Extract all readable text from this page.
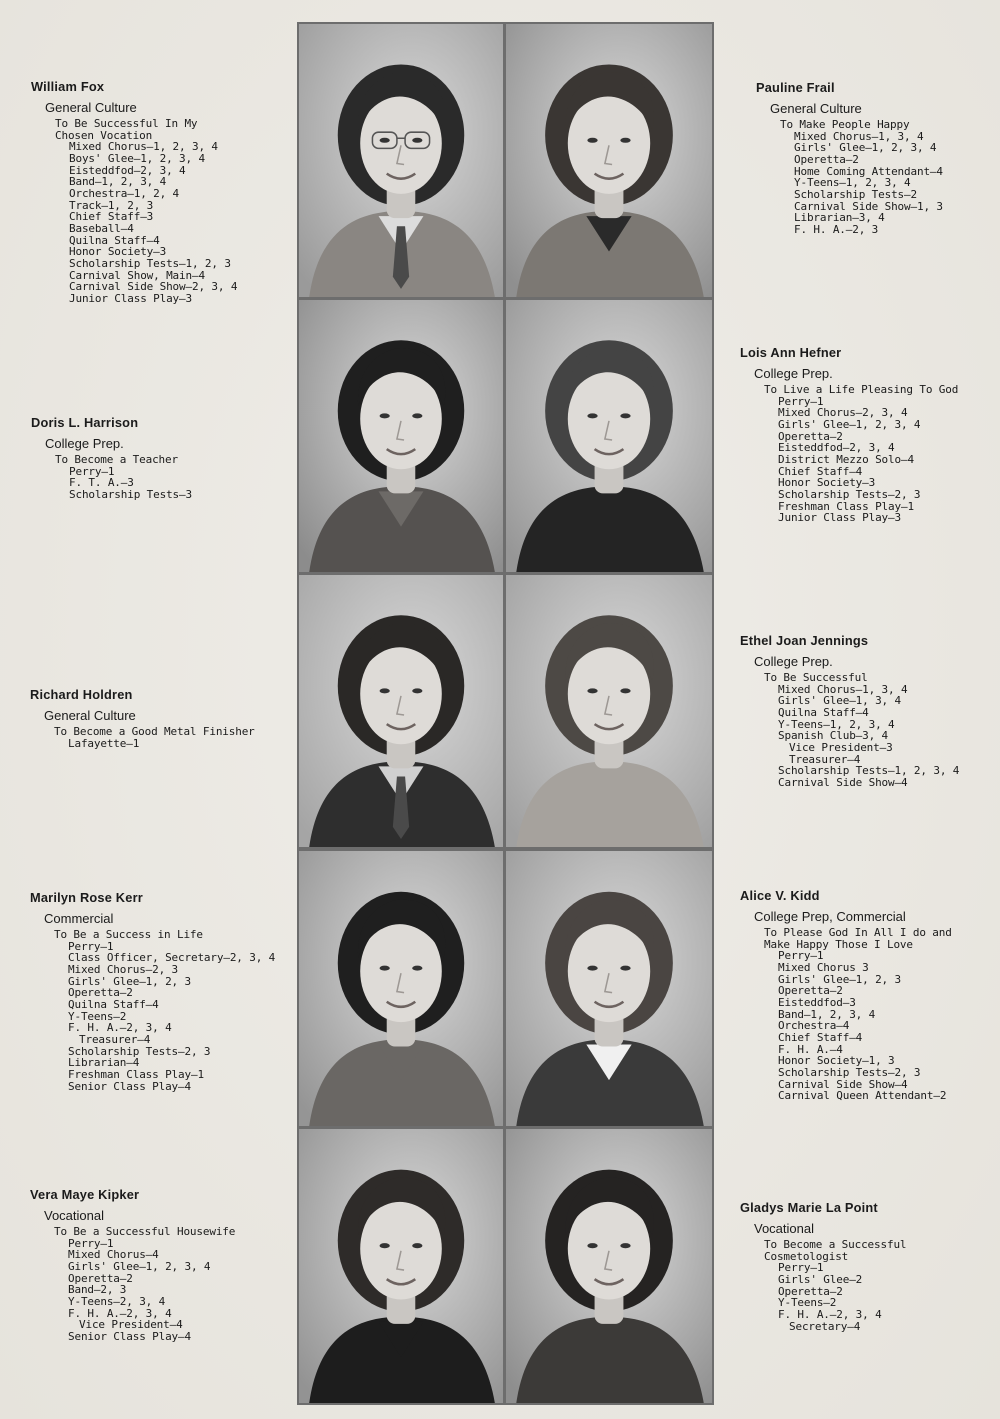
William Fox
General Culture
To Be Successful In My
Chosen Vocation
Mixed Chorus—1, 2, 3, 4
Boys' Glee—1, 2, 3, 4
Eisteddfod—2, 3, 4
Band—1, 2, 3, 4
Orchestra—1, 2, 4
Track—1, 2, 3
Chief Staff—3
Baseball—4
Quilna Staff—4
Honor Society—3
Scholarship Tests—1, 2, 3
Carnival Show, Main—4
Carnival Side Show—2, 3, 4
Junior Class Play—3
Pauline Frail
General Culture
To Make People Happy
Mixed Chorus—1, 3, 4
Girls' Glee—1, 2, 3, 4
Operetta—2
Home Coming Attendant—4
Y-Teens—1, 2, 3, 4
Scholarship Tests—2
Carnival Side Show—1, 3
Librarian—3, 4
F. H. A.—2, 3
Doris L. Harrison
College Prep.
To Become a Teacher
Perry—1
F. T. A.—3
Scholarship Tests—3
Lois Ann Hefner
College Prep.
To Live a Life Pleasing To God
Perry—1
Mixed Chorus—2, 3, 4
Girls' Glee—1, 2, 3, 4
Operetta—2
Eisteddfod—2, 3, 4
District Mezzo Solo—4
Chief Staff—4
Honor Society—3
Scholarship Tests—2, 3
Freshman Class Play—1
Junior Class Play—3
Richard Holdren
General Culture
To Become a Good Metal Finisher
Lafayette—1
Ethel Joan Jennings
College Prep.
To Be Successful
Mixed Chorus—1, 3, 4
Girls' Glee—1, 3, 4
Quilna Staff—4
Y-Teens—1, 2, 3, 4
Spanish Club—3, 4
Vice President—3
Treasurer—4
Scholarship Tests—1, 2, 3, 4
Carnival Side Show—4
Marilyn Rose Kerr
Commercial
To Be a Success in Life
Perry—1
Class Officer, Secretary—2, 3, 4
Mixed Chorus—2, 3
Girls' Glee—1, 2, 3
Operetta—2
Quilna Staff—4
Y-Teens—2
F. H. A.—2, 3, 4
Treasurer—4
Scholarship Tests—2, 3
Librarian—4
Freshman Class Play—1
Senior Class Play—4
Alice V. Kidd
College Prep, Commercial
To Please God In All I do and
Make Happy Those I Love
Perry—1
Mixed Chorus 3
Girls' Glee—1, 2, 3
Operetta—2
Eisteddfod—3
Band—1, 2, 3, 4
Orchestra—4
Chief Staff—4
F. H. A.—4
Honor Society—1, 3
Scholarship Tests—2, 3
Carnival Side Show—4
Carnival Queen Attendant—2
Vera Maye Kipker
Vocational
To Be a Successful Housewife
Perry—1
Mixed Chorus—4
Girls' Glee—1, 2, 3, 4
Operetta—2
Band—2, 3
Y-Teens—2, 3, 4
F. H. A.—2, 3, 4
Vice President—4
Senior Class Play—4
Gladys Marie La Point
Vocational
To Become a Successful
Cosmetologist
Perry—1
Girls' Glee—2
Operetta—2
Y-Teens—2
F. H. A.—2, 3, 4
Secretary—4
